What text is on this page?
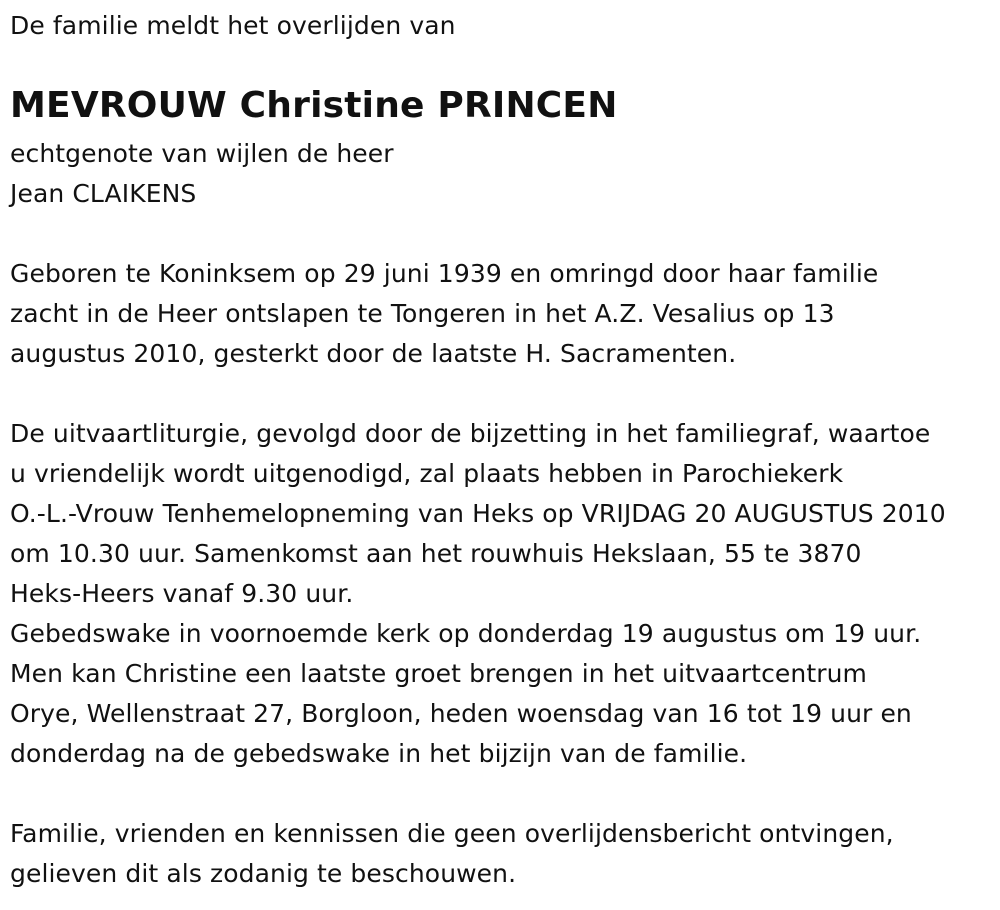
De familie meldt het overlijden van
MEVROUW Christine PRINCEN
echtgenote van wijlen de heer
Jean CLAIKENS
Geboren te Koninksem op 29 juni 1939 en omringd door haar familie
zacht in de Heer ontslapen te Tongeren in het A.Z. Vesalius op 13
augustus 2010, gesterkt door de laatste H. Sacramenten.
De uitvaartliturgie, gevolgd door de bijzetting in het familiegraf, waartoe
u vriendelijk wordt uitgenodigd, zal plaats hebben in Parochiekerk
O.-L.-Vrouw Tenhemelopneming van Heks op VRIJDAG 20 AUGUSTUS 2010
om 10.30 uur. Samenkomst aan het rouwhuis Hekslaan, 55 te 3870
Heks-Heers vanaf 9.30 uur.
Gebedswake in voornoemde kerk op donderdag 19 augustus om 19 uur.
Men kan Christine een laatste groet brengen in het uitvaartcentrum
Orye, Wellenstraat 27, Borgloon, heden woensdag van 16 tot 19 uur en
donderdag na de gebedswake in het bijzijn van de familie.
Familie, vrienden en kennissen die geen overlijdensbericht ontvingen,
gelieven dit als zodanig te beschouwen.
